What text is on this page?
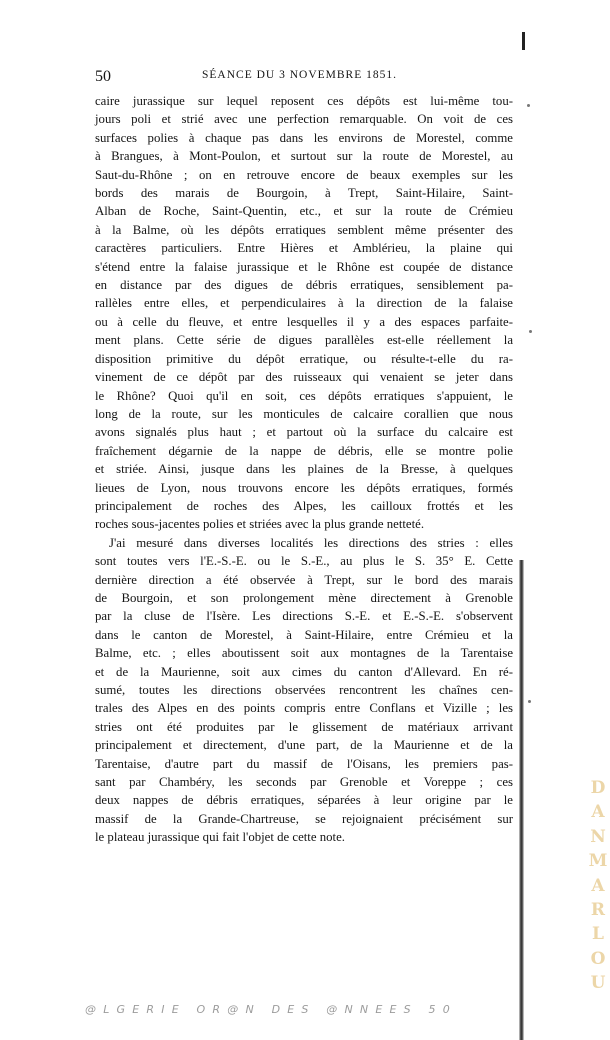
50	SÉANCE DU 3 NOVEMBRE 1851.
caire jurassique sur lequel reposent ces dépôts est lui-même tou-
jours poli et strié avec une perfection remarquable. On voit de ces
surfaces polies à chaque pas dans les environs de Morestel, comme
à Brangues, à Mont-Poulon, et surtout sur la route de Morestel, au
Saut-du-Rhône ; on en retrouve encore de beaux exemples sur les
bords des marais de Bourgoin, à Trept, Saint-Hilaire, Saint-
Alban de Roche, Saint-Quentin, etc., et sur la route de Crémieu
à la Balme, où les dépôts erratiques semblent même présenter des
caractères particuliers. Entre Hières et Amblérieu, la plaine qui
s'étend entre la falaise jurassique et le Rhône est coupée de distance
en distance par des digues de débris erratiques, sensiblement pa-
rallèles entre elles, et perpendiculaires à la direction de la falaise
ou à celle du fleuve, et entre lesquelles il y a des espaces parfaite-
ment plans. Cette série de digues parallèles est-elle réellement la
disposition primitive du dépôt erratique, ou résulte-t-elle du ra-
vinement de ce dépôt par des ruisseaux qui venaient se jeter dans
le Rhône? Quoi qu'il en soit, ces dépôts erratiques s'appuient, le
long de la route, sur les monticules de calcaire corallien que nous
avons signalés plus haut ; et partout où la surface du calcaire est
fraîchement dégarnie de la nappe de débris, elle se montre polie
et striée. Ainsi, jusque dans les plaines de la Bresse, à quelques
lieues de Lyon, nous trouvons encore les dépôts erratiques, formés
principalement de roches des Alpes, les cailloux frottés et les
roches sous-jacentes polies et striées avec la plus grande netteté.
J'ai mesuré dans diverses localités les directions des stries : elles
sont toutes vers l'E.-S.-E. ou le S.-E., au plus le S. 35° E. Cette
dernière direction a été observée à Trept, sur le bord des marais
de Bourgoin, et son prolongement mène directement à Grenoble
par la cluse de l'Isère. Les directions S.-E. et E.-S.-E. s'observent
dans le canton de Morestel, à Saint-Hilaire, entre Crémieu et la
Balme, etc. ; elles aboutissent soit aux montagnes de la Tarentaise
et de la Maurienne, soit aux cimes du canton d'Allevard. En ré-
sumé, toutes les directions observées rencontrent les chaînes cen-
trales des Alpes en des points compris entre Conflans et Vizille ; les
stries ont été produites par le glissement de matériaux arrivant
principalement et directement, d'une part, de la Maurienne et de la
Tarentaise, d'autre part du massif de l'Oisans, les premiers pas-
sant par Chambéry, les seconds par Grenoble et Voreppe ; ces
deux nappes de débris erratiques, séparées à leur origine par le
massif de la Grande-Chartreuse, se rejoignaient précisément sur
le plateau jurassique qui fait l'objet de cette note.
D
A
N
M
A
R
L
O
U
@LGERIE OR@N DES @NNEES 50
